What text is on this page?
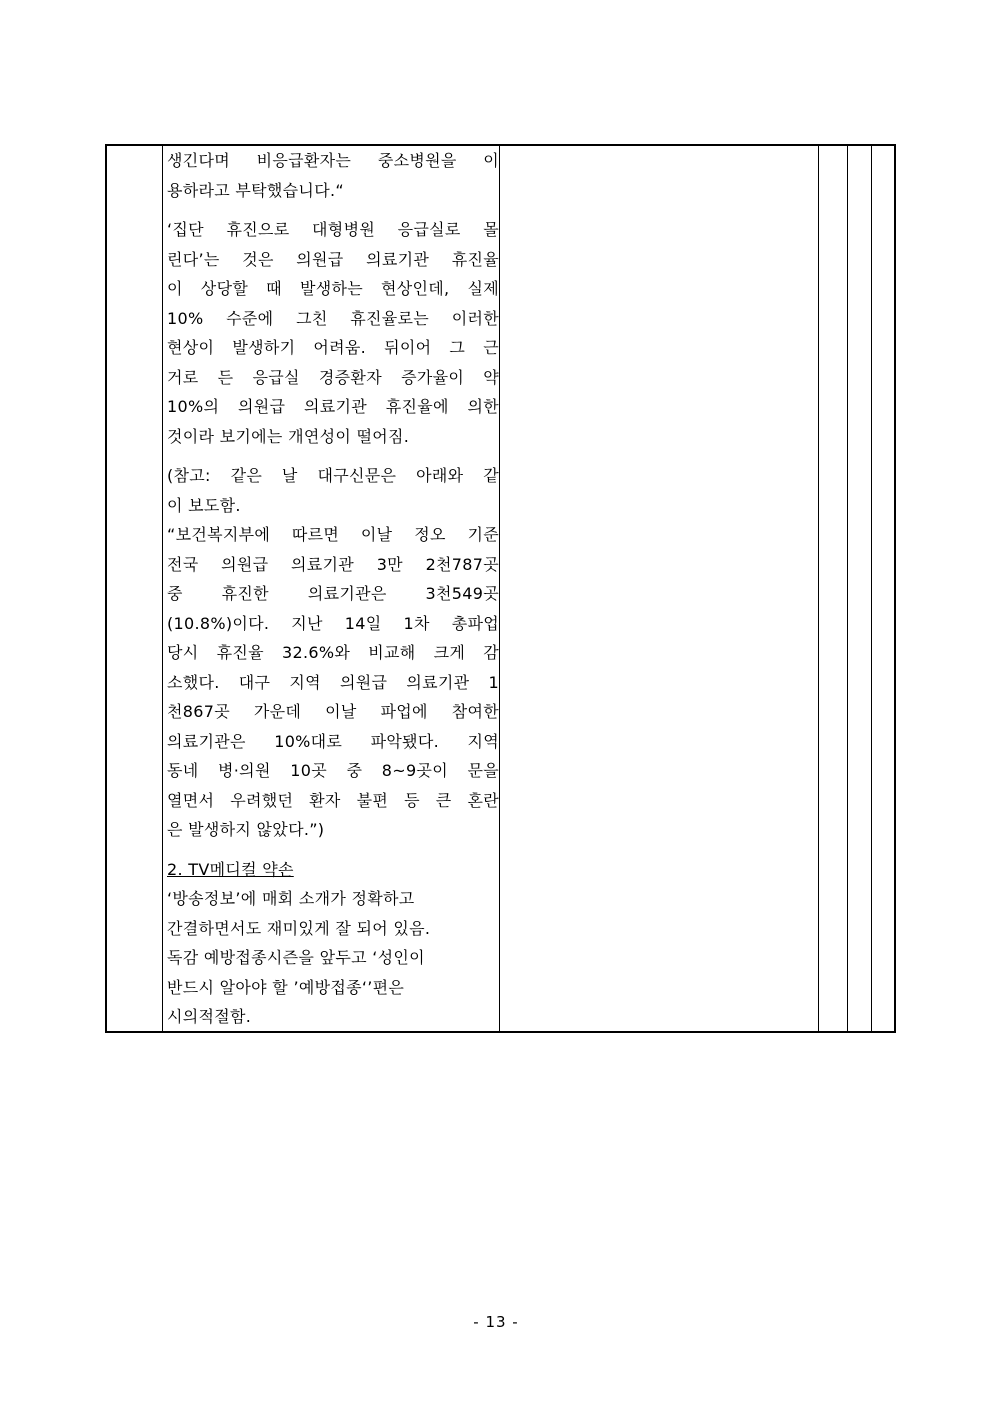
생긴다며 비응급환자는 중소병원을 이
용하라고 부탁했습니다.“
‘집단 휴진으로 대형병원 응급실로 몰
린다’는 것은 의원급 의료기관 휴진율
이 상당할 때 발생하는 현상인데, 실제
10% 수준에 그친 휴진율로는 이러한
현상이 발생하기 어려움. 뒤이어 그 근
거로 든 응급실 경증환자 증가율이 약
10%의 의원급 의료기관 휴진율에 의한
것이라 보기에는 개연성이 떨어짐.
(참고: 같은 날 대구신문은 아래와 같
이 보도함.
“보건복지부에 따르면 이날 정오 기준
전국 의원급 의료기관 3만 2천787곳
중 휴진한 의료기관은 3천549곳
(10.8%)이다. 지난 14일 1차 총파업
당시 휴진율 32.6%와 비교해 크게 감
소했다. 대구 지역 의원급 의료기관 1
천867곳 가운데 이날 파업에 참여한
의료기관은 10%대로 파악됐다. 지역
동네 병·의원 10곳 중 8~9곳이 문을
열면서 우려했던 환자 불편 등 큰 혼란
은 발생하지 않았다.”)
2. TV메디컬 약손
‘방송정보’에 매회 소개가 정확하고
간결하면서도 재미있게 잘 되어 있음.
독감 예방접종시즌을 앞두고 ‘성인이
반드시 알아야 할 ’예방접종‘’편은
시의적절함.
- 13 -
